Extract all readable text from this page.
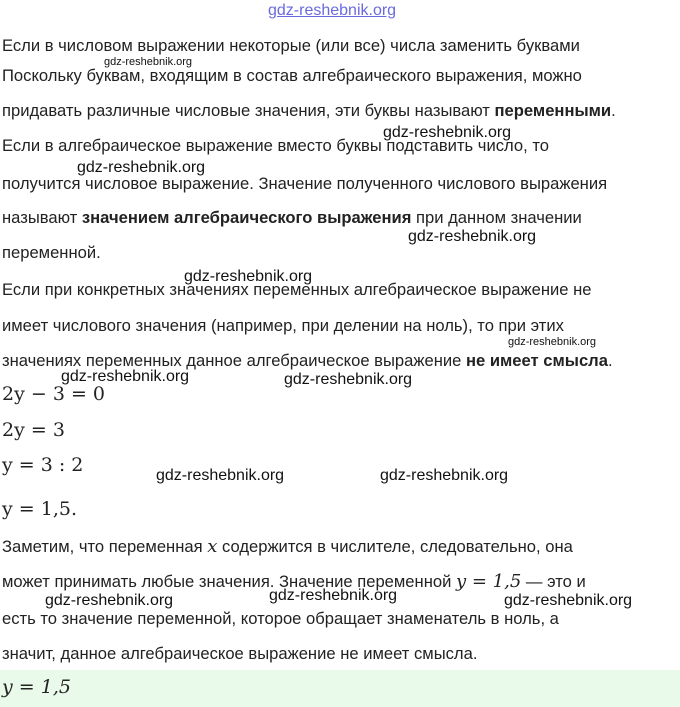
gdz-reshebnik.org
Если в числовом выражении некоторые (или все) числа заменить буквами
Поскольку буквам, входящим в состав алгебраического выражения, можно
придавать различные числовые значения, эти буквы называют переменными.
Если в алгебраическое выражение вместо буквы подставить число, то
получится числовое выражение. Значение полученного числового выражения
называют значением алгебраического выражения при данном значении
переменной.
Если при конкретных значениях переменных алгебраическое выражение не
имеет числового значения (например, при делении на ноль), то при этих
значениях переменных данное алгебраическое выражение не имеет смысла.
2y − 3 = 0
2y = 3
y = 3 : 2
y = 1,5.
Заметим, что переменная x содержится в числителе, следовательно, она
может принимать любые значения. Значение переменной y = 1,5 — это и
есть то значение переменной, которое обращает знаменатель в ноль, а
значит, данное алгебраическое выражение не имеет смысла.
y = 1,5
gdz-reshebnik.org
gdz-reshebnik.org
gdz-reshebnik.org
gdz-reshebnik.org
gdz-reshebnik.org
gdz-reshebnik.org
gdz-reshebnik.org	gdz-reshebnik.org
gdz-reshebnik.org	gdz-reshebnik.org
gdz-reshebnik.org	gdz-reshebnik.org	gdz-reshebnik.org
